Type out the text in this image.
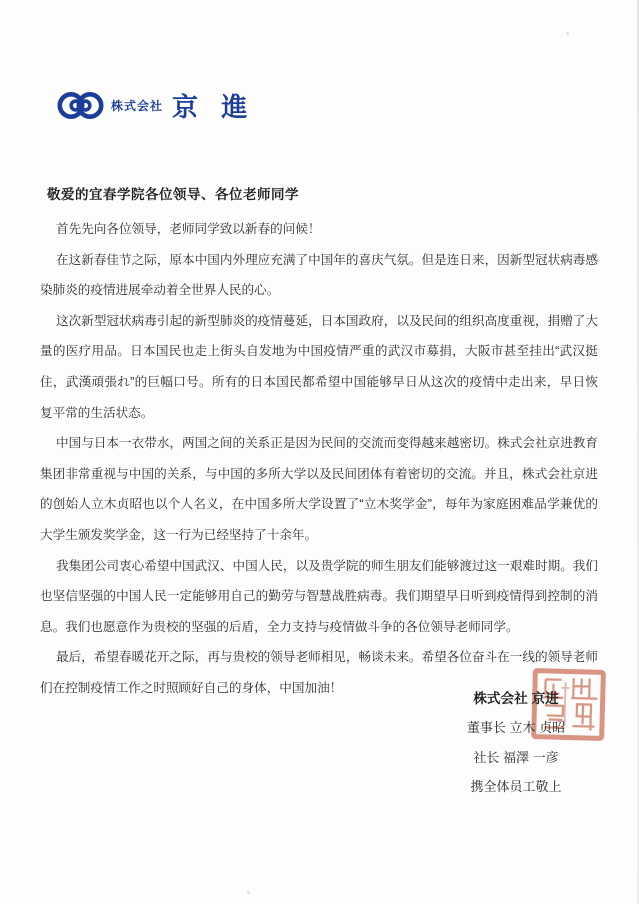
株式会社 京 進
敬爱的宜春学院各位领导、各位老师同学

首先先向各位领导，老师同学致以新春的问候！

在这新春佳节之际，原本中国内外理应充满了中国年的喜庆气氛。但是连日来，因新型冠状病毒感染肺炎的疫情进展牵动着全世界人民的心。

这次新型冠状病毒引起的新型肺炎的疫情蔓延，日本国政府，以及民间的组织高度重视，捐赠了大量的医疗用品。日本国民也走上街头自发地为中国疫情严重的武汉市募捐，大阪市甚至挂出“武汉挺住，武漢頑張れ”的巨幅口号。所有的日本国民都希望中国能够早日从这次的疫情中走出来，早日恢复平常的生活状态。

中国与日本一衣带水，两国之间的关系正是因为民间的交流而变得越来越密切。株式会社京进教育集团非常重视与中国的关系，与中国的多所大学以及民间团体有着密切的交流。并且，株式会社京进的创始人立木贞昭也以个人名义，在中国多所大学设置了“立木奖学金”，每年为家庭困难品学兼优的大学生颁发奖学金，这一行为已经坚持了十余年。

我集团公司衷心希望中国武汉、中国人民，以及贵学院的师生朋友们能够渡过这一艰难时期。我们也坚信坚强的中国人民一定能够用自己的勤劳与智慧战胜病毒。我们期望早日听到疫情得到控制的消息。我们也愿意作为贵校的坚强的后盾，全力支持与疫情做斗争的各位领导老师同学。

最后，希望春暖花开之际，再与贵校的领导老师相见，畅谈未来。希望各位奋斗在一线的领导老师们在控制疫情工作之时照顾好自己的身体，中国加油！

株式会社 京进
董事长 立木 贞昭
社长 福澤 一彦
携全体员工敬上
